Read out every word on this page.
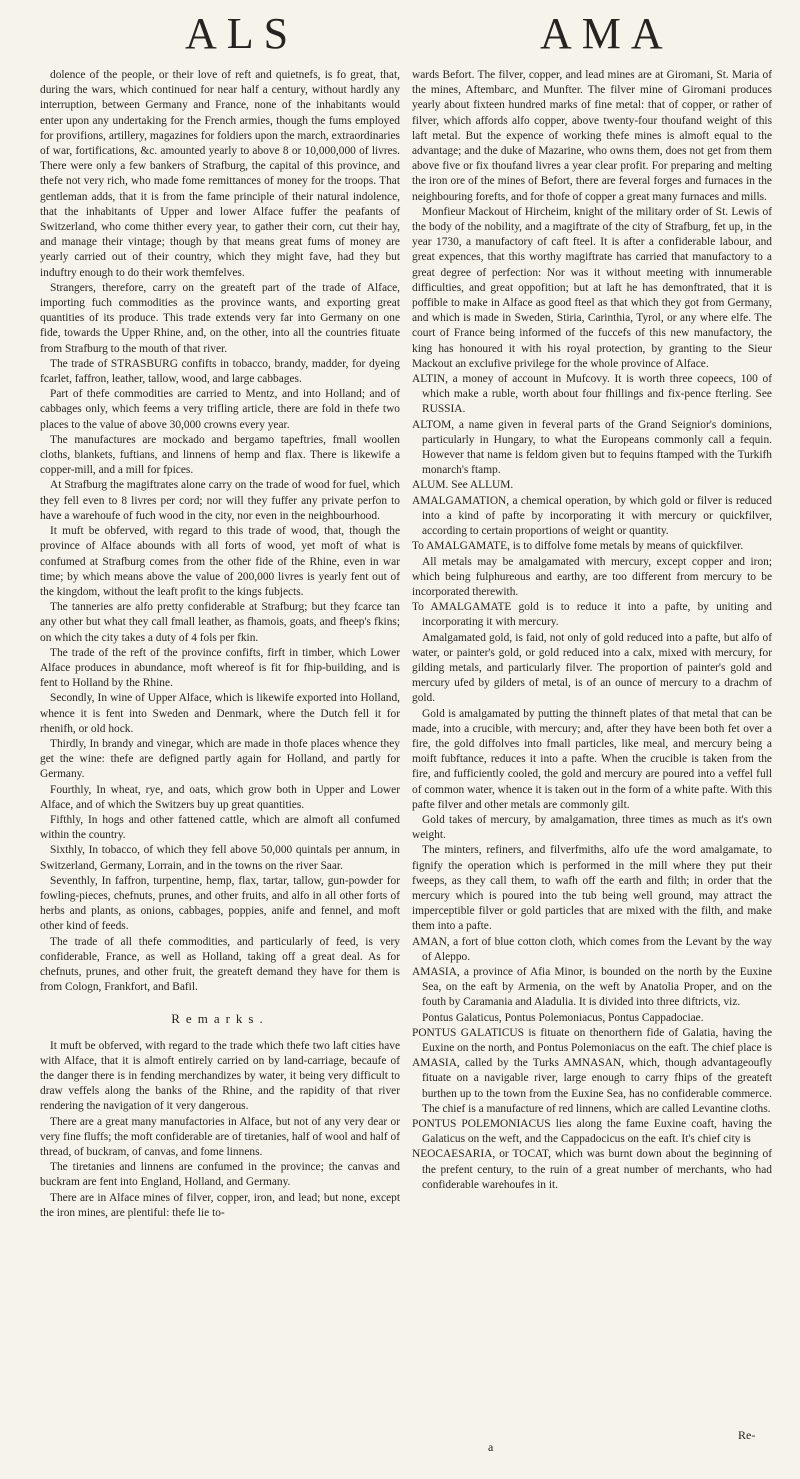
ALS	AMA

dolence of the people, or their love of reft and quietnefs, is fo great, that, during the wars, which continued for near half a century, without hardly any interruption, between Germany and France, none of the inhabitants would enter upon any undertaking for the French armies, though the fums employed for provifions, artillery, magazines for foldiers upon the march, extraordinaries of war, fortifications, &c. amounted yearly to above 8 or 10,000,000 of livres. There were only a few bankers of Strafburg, the capital of this province, and thefe not very rich, who made fome remittances of money for the troops. That gentleman adds, that it is from the fame principle of their natural indolence, that the inhabitants of Upper and lower Alface fuffer the peafants of Switzerland, who come thither every year, to gather their corn, cut their hay, and manage their vintage; though by that means great fums of money are yearly carried out of their country, which they might fave, had they but induftry enough to do their work themfelves.

Strangers, therefore, carry on the greateft part of the trade of Alface, importing fuch commodities as the province wants, and exporting great quantities of its produce. This trade extends very far into Germany on one fide, towards the Upper Rhine, and, on the other, into all the countries fituate from Strafburg to the mouth of that river.

The trade of STRASBURG confifts in tobacco, brandy, madder, for dyeing fcarlet, faffron, leather, tallow, wood, and large cabbages.

Part of thefe commodities are carried to Mentz, and into Holland; and of cabbages only, which feems a very trifling article, there are fold in thefe two places to the value of above 30,000 crowns every year.

The manufactures are mockado and bergamo tapeftries, fmall woollen cloths, blankets, fuftians, and linnens of hemp and flax. There is likewife a copper-mill, and a mill for fpices.

At Strafburg the magiftrates alone carry on the trade of wood for fuel, which they fell even to 8 livres per cord; nor will they fuffer any private perfon to have a warehoufe of fuch wood in the city, nor even in the neighbourhood.

It muft be obferved, with regard to this trade of wood, that, though the province of Alface abounds with all forts of wood, yet moft of what is confumed at Strafburg comes from the other fide of the Rhine, even in war time; by which means above the value of 200,000 livres is yearly fent out of the kingdom, without the leaft profit to the kings fubjects.

The tanneries are alfo pretty confiderable at Strafburg; but they fcarce tan any other but what they call fmall leather, as fhamois, goats, and fheep's fkins; on which the city takes a duty of 4 fols per fkin.

The trade of the reft of the province confifts, firft in timber, which Lower Alface produces in abundance, moft whereof is fit for fhip-building, and is fent to Holland by the Rhine.

Secondly, In wine of Upper Alface, which is likewife exported into Holland, whence it is fent into Sweden and Denmark, where the Dutch fell it for rhenifh, or old hock.

Thirdly, In brandy and vinegar, which are made in thofe places whence they get the wine: thefe are defigned partly again for Holland, and partly for Germany.

Fourthly, In wheat, rye, and oats, which grow both in Upper and Lower Alface, and of which the Switzers buy up great quantities.

Fifthly, In hogs and other fattened cattle, which are almoft all confumed within the country.

Sixthly, In tobacco, of which they fell above 50,000 quintals per annum, in Switzerland, Germany, Lorrain, and in the towns on the river Saar.

Seventhly, In faffron, turpentine, hemp, flax, tartar, tallow, gun-powder for fowling-pieces, chefnuts, prunes, and other fruits, and alfo in all other forts of herbs and plants, as onions, cabbages, poppies, anife and fennel, and moft other kind of feeds.

The trade of all thefe commodities, and particularly of feed, is very confiderable, France, as well as Holland, taking off a great deal. As for chefnuts, prunes, and other fruit, the greateft demand they have for them is from Cologn, Frankfort, and Bafil.

Remarks.

It muft be obferved, with regard to the trade which thefe two laft cities have with Alface, that it is almoft entirely carried on by land-carriage, becaufe of the danger there is in fending merchandizes by water, it being very difficult to draw veffels along the banks of the Rhine, and the rapidity of that river rendering the navigation of it very dangerous.

There are a great many manufactories in Alface, but not of any very dear or very fine fluffs; the moft confiderable are of tiretanies, half of wool and half of thread, of buckram, of canvas, and fome linnens.

The tiretanies and linnens are confumed in the province; the canvas and buckram are fent into England, Holland, and Germany.

There are in Alface mines of filver, copper, iron, and lead; but none, except the iron mines, are plentiful: thefe lie to-

wards Befort. The filver, copper, and lead mines are at Giromani, St. Maria of the mines, Aftembarc, and Munfter. The filver mine of Giromani produces yearly about fixteen hundred marks of fine metal: that of copper, or rather of filver, which affords alfo copper, above twenty-four thoufand weight of this laft metal. But the expence of working thefe mines is almoft equal to the advantage; and the duke of Mazarine, who owns them, does not get from them above five or fix thoufand livres a year clear profit. For preparing and melting the iron ore of the mines of Befort, there are feveral forges and furnaces in the neighbouring forefts, and for thofe of copper a great many furnaces and mills.

Monfieur Mackout of Hircheim, knight of the military order of St. Lewis of the body of the nobility, and a magiftrate of the city of Strafburg, fet up, in the year 1730, a manufactory of caft fteel. It is after a confiderable labour, and great expences, that this worthy magiftrate has carried that manufactory to a great degree of perfection: Nor was it without meeting with innumerable difficulties, and great oppofition; but at laft he has demonftrated, that it is poffible to make in Alface as good fteel as that which they got from Germany, and which is made in Sweden, Stiria, Carinthia, Tyrol, or any where elfe. The court of France being informed of the fuccefs of this new manufactory, the king has honoured it with his royal protection, by granting to the Sieur Mackout an exclufive privilege for the whole province of Alface.

ALTIN, a money of account in Mufcovy. It is worth three copeecs, 100 of which make a ruble, worth about four fhillings and fix-pence fterling. See RUSSIA.

ALTOM, a name given in feveral parts of the Grand Seignior's dominions, particularly in Hungary, to what the Europeans commonly call a fequin. However that name is feldom given but to fequins ftamped with the Turkifh monarch's ftamp.

ALUM. See ALLUM.

AMALGAMATION, a chemical operation, by which gold or filver is reduced into a kind of pafte by incorporating it with mercury or quickfilver, according to certain proportions of weight or quantity.

To AMALGAMATE, is to diffolve fome metals by means of quickfilver.

All metals may be amalgamated with mercury, except copper and iron; which being fulphureous and earthy, are too different from mercury to be incorporated therewith.

To AMALGAMATE gold is to reduce it into a pafte, by uniting and incorporating it with mercury.

Amalgamated gold, is faid, not only of gold reduced into a pafte, but alfo of water, or painter's gold, or gold reduced into a calx, mixed with mercury, for gilding metals, and particularly filver. The proportion of painter's gold and mercury ufed by gilders of metal, is of an ounce of mercury to a drachm of gold.

Gold is amalgamated by putting the thinneft plates of that metal that can be made, into a crucible, with mercury; and, after they have been both fet over a fire, the gold diffolves into fmall particles, like meal, and mercury being a moift fubftance, reduces it into a pafte. When the crucible is taken from the fire, and fufficiently cooled, the gold and mercury are poured into a veffel full of common water, whence it is taken out in the form of a white pafte. With this pafte filver and other metals are commonly gilt.

Gold takes of mercury, by amalgamation, three times as much as it's own weight.

The minters, refiners, and filverfmiths, alfo ufe the word amalgamate, to fignify the operation which is performed in the mill where they put their fweeps, as they call them, to wafh off the earth and filth; in order that the mercury which is poured into the tub being well ground, may attract the imperceptible filver or gold particles that are mixed with the filth, and make them into a pafte.

AMAN, a fort of blue cotton cloth, which comes from the Levant by the way of Aleppo.

AMASIA, a province of Afia Minor, is bounded on the north by the Euxine Sea, on the eaft by Armenia, on the weft by Anatolia Proper, and on the fouth by Caramania and Aladulia. It is divided into three diftricts, viz.

Pontus Galaticus, Pontus Polemoniacus, Pontus Cappadociae.

PONTUS GALATICUS is fituate on thenorthern fide of Galatia, having the Euxine on the north, and Pontus Polemoniacus on the eaft. The chief place is

AMASIA, called by the Turks AMNASAN, which, though advantageoufly fituate on a navigable river, large enough to carry fhips of the greateft burthen up to the town from the Euxine Sea, has no confiderable commerce. The chief is a manufacture of red linnens, which are called Levantine cloths.

PONTUS POLEMONIACUS lies along the fame Euxine coaft, having the Galaticus on the weft, and the Cappadocicus on the eaft. It's chief city is

NEOCAESARIA, or TOCAT, which was burnt down about the beginning of the prefent century, to the ruin of a great number of merchants, who had confiderable warehoufes in it.

a
Re-
